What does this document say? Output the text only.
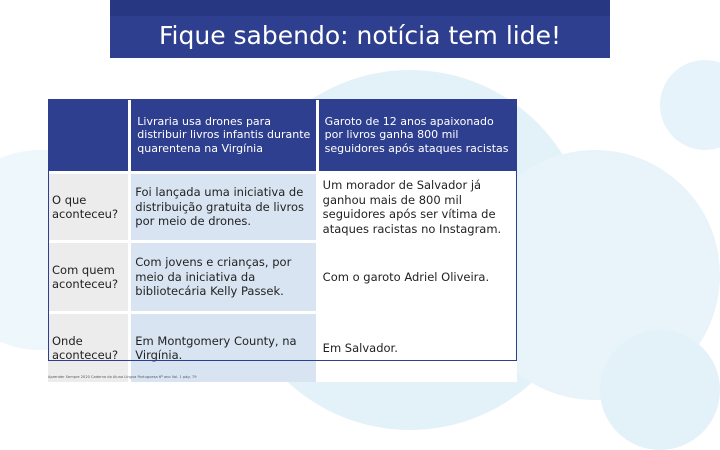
Fique sabendo: notícia tem lide!
	Livraria usa drones para distribuir livros infantis durante quarentena na Virgínia	Garoto de 12 anos apaixonado por livros ganha 800 mil seguidores após ataques racistas
O que aconteceu?	Foi lançada uma iniciativa de distribuição gratuita de livros por meio de drones.	Um morador de Salvador já ganhou mais de 800 mil seguidores após ser vítima de ataques racistas no Instagram.
Com quem aconteceu?	Com jovens e crianças, por meio da iniciativa da bibliotecária Kelly Passek.	Com o garoto Adriel Oliveira.
Onde aconteceu?	Em Montgomery County, na Virgínia.	Em Salvador.
Aprender Sempre 2020 Caderno do Aluno Língua Portuguesa 6º ano Vol. 1 pág. 79
